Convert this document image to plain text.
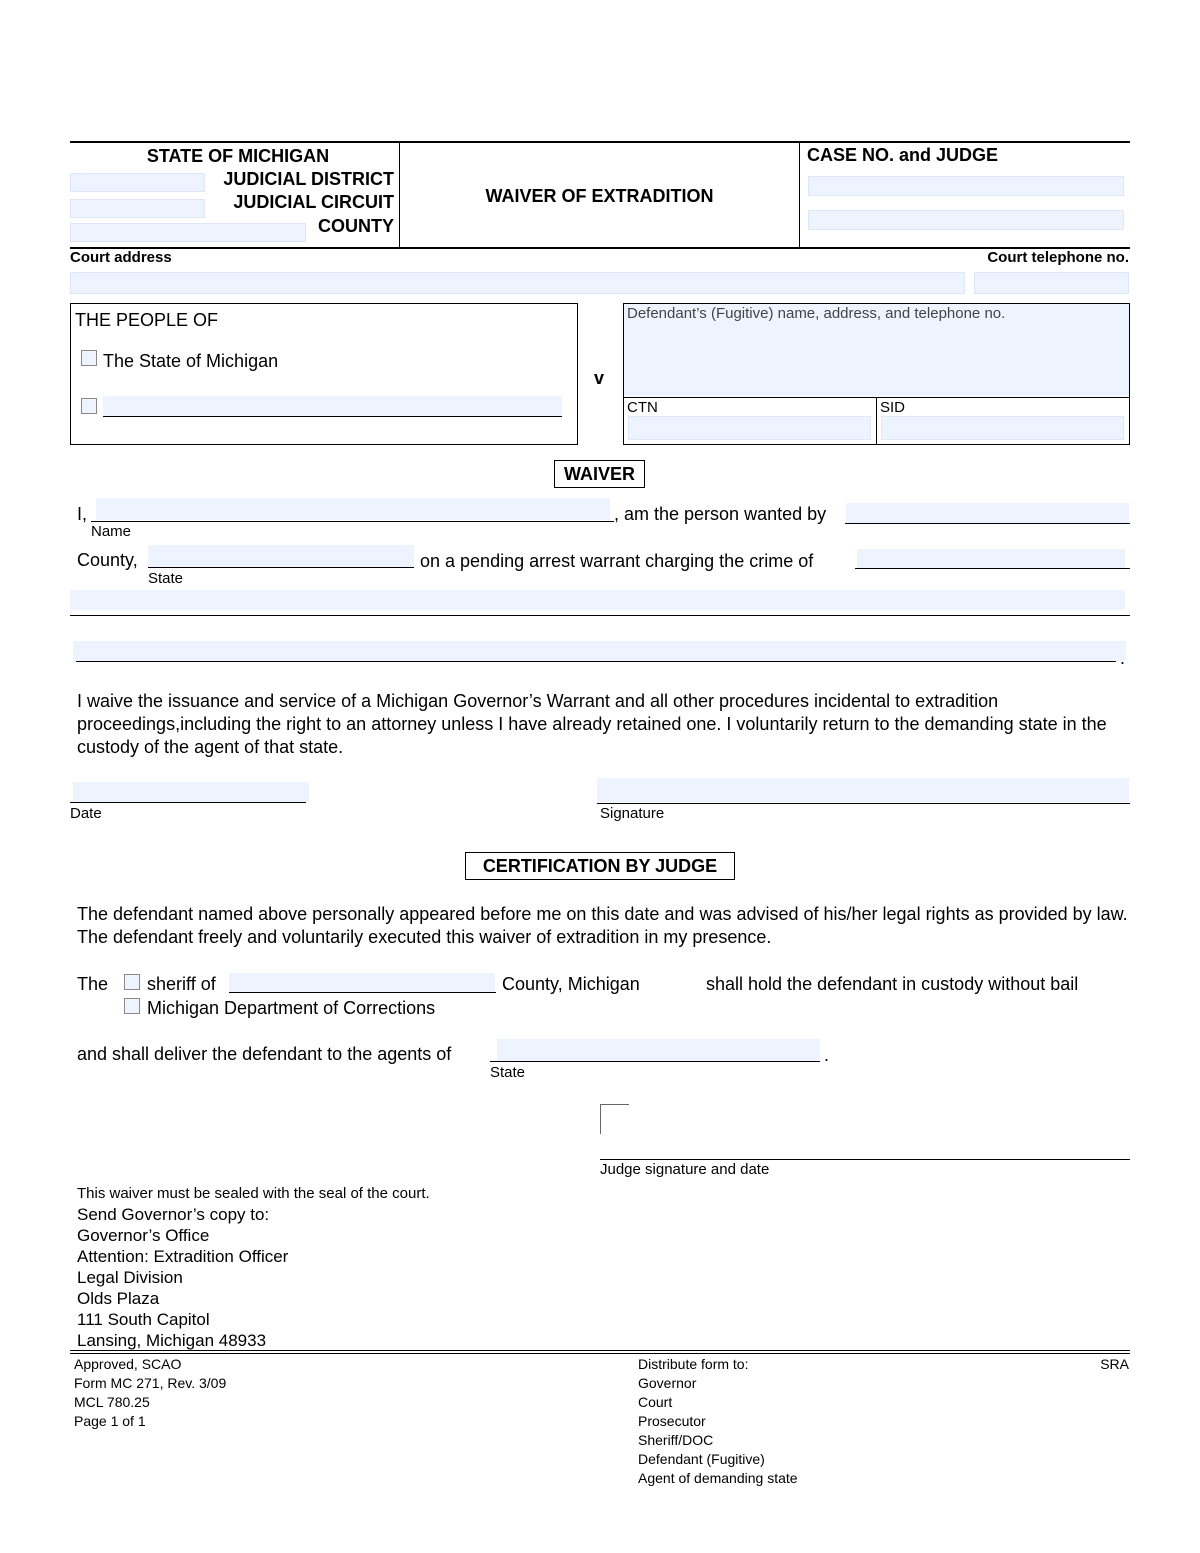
STATE OF MICHIGAN
JUDICIAL DISTRICT
JUDICIAL CIRCUIT
COUNTY
WAIVER OF EXTRADITION
CASE NO. and JUDGE
Court address	Court telephone no.
THE PEOPLE OF
The State of Michigan
v
Defendant’s (Fugitive) name, address, and telephone no.
CTN	SID
WAIVER
I,
Name
, am the person wanted by
County,
State
on a pending arrest warrant charging the crime of
.
I waive the issuance and service of a Michigan Governor’s Warrant and all other procedures incidental to extradition proceedings,including the right to an attorney unless I have already retained one. I voluntarily return to the demanding state in the custody of the agent of that state.
Date	Signature
CERTIFICATION BY JUDGE
The defendant named above personally appeared before me on this date and was advised of his/her legal rights as provided by law. The defendant freely and voluntarily executed this waiver of extradition in my presence.
The sheriff of	County, Michigan	shall hold the defendant in custody without bail
Michigan Department of Corrections
and shall deliver the defendant to the agents of
State
.
Judge signature and date
This waiver must be sealed with the seal of the court.
Send Governor’s copy to:
Governor’s Office
Attention: Extradition Officer
Legal Division
Olds Plaza
111 South Capitol
Lansing, Michigan 48933
Approved, SCAO
Form MC 271, Rev. 3/09
MCL 780.25
Page 1 of 1
Distribute form to:
Governor
Court
Prosecutor
Sheriff/DOC
Defendant (Fugitive)
Agent of demanding state
SRA
